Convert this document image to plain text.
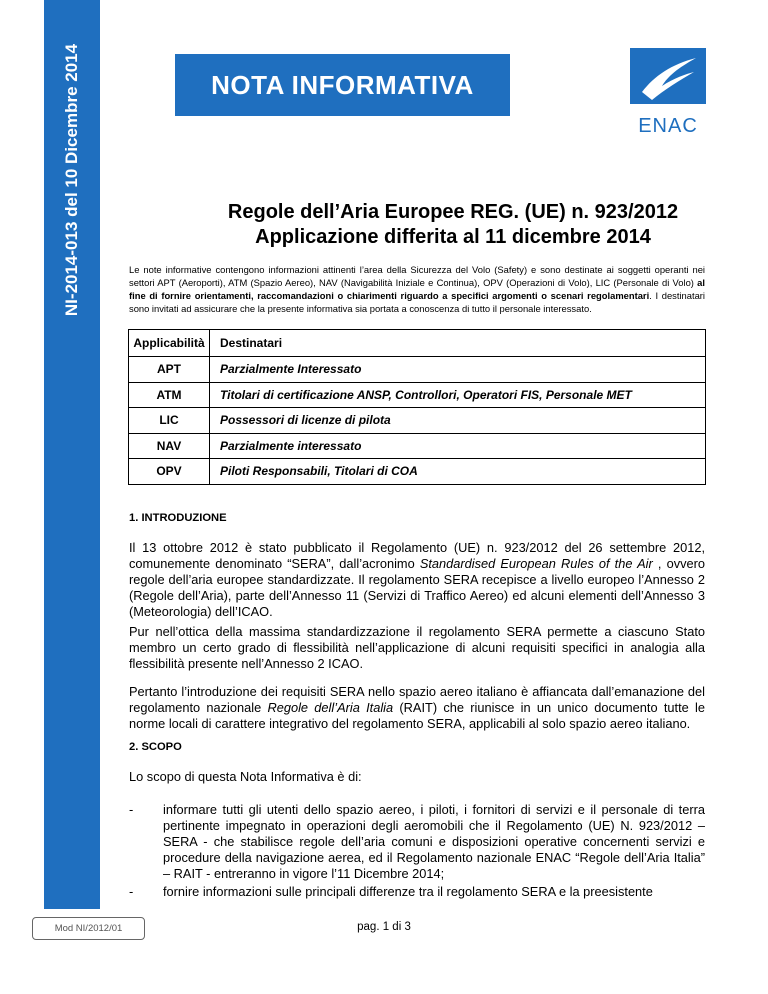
NI-2014-013 del 10 Dicembre 2014	NOTA INFORMATIVA
ENAC
Regole dell’Aria Europee REG. (UE) n. 923/2012
Applicazione differita al 11 dicembre 2014
Le note informative contengono informazioni attinenti l’area della Sicurezza del Volo (Safety) e sono destinate ai soggetti operanti nei settori APT (Aeroporti), ATM (Spazio Aereo), NAV (Navigabilità Iniziale e Continua), OPV (Operazioni di Volo), LIC (Personale di Volo) al fine di fornire orientamenti, raccomandazioni o chiarimenti riguardo a specifici argomenti o scenari regolamentari. I destinatari sono invitati ad assicurare che la presente informativa sia portata a conoscenza di tutto il personale interessato.
Applicabilità	Destinatari
APT	Parzialmente Interessato
ATM	Titolari di certificazione ANSP, Controllori, Operatori FIS, Personale MET
LIC	Possessori di licenze di pilota
NAV	Parzialmente interessato
OPV	Piloti Responsabili, Titolari di COA
1. INTRODUZIONE
Il 13 ottobre 2012 è stato pubblicato il Regolamento (UE) n. 923/2012 del 26 settembre 2012, comunemente denominato “SERA”, dall’acronimo Standardised European Rules of the Air , ovvero regole dell’aria europee standardizzate. Il regolamento SERA recepisce a livello europeo l’Annesso 2 (Regole dell’Aria), parte dell’Annesso 11 (Servizi di Traffico Aereo) ed alcuni elementi dell’Annesso 3 (Meteorologia) dell’ICAO.
Pur nell’ottica della massima standardizzazione il regolamento SERA permette a ciascuno Stato membro un certo grado di flessibilità nell’applicazione di alcuni requisiti specifici in analogia alla flessibilità presente nell’Annesso 2 ICAO.
Pertanto l’introduzione dei requisiti SERA nello spazio aereo italiano è affiancata dall’emanazione del regolamento nazionale Regole dell’Aria Italia (RAIT) che riunisce in un unico documento tutte le norme locali di carattere integrativo del regolamento SERA, applicabili al solo spazio aereo italiano.
2. SCOPO
Lo scopo di questa Nota Informativa è di:
- informare tutti gli utenti dello spazio aereo, i piloti, i fornitori di servizi e il personale di terra pertinente impegnato in operazioni degli aeromobili che il Regolamento (UE) N. 923/2012 – SERA - che stabilisce regole dell’aria comuni e disposizioni operative concernenti servizi e procedure della navigazione aerea, ed il Regolamento nazionale ENAC “Regole dell’Aria Italia” – RAIT - entreranno in vigore l’11 Dicembre 2014;
- fornire informazioni sulle principali differenze tra il regolamento SERA e la preesistente
Mod NI/2012/01	pag. 1 di 3
